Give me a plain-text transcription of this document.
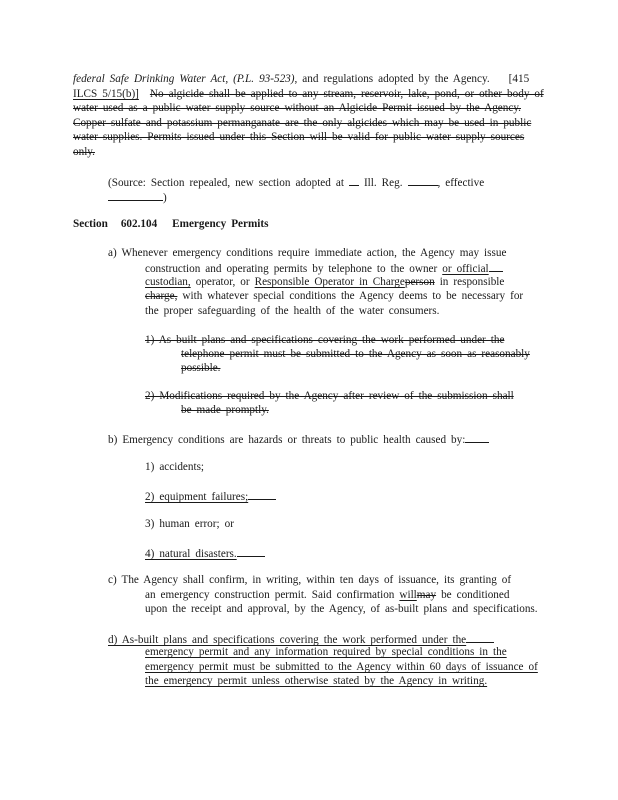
federal Safe Drinking Water Act, (P.L. 93-523), and regulations adopted by the Agency. [415
ILCS 5/15(b)] No algicide shall be applied to any stream, reservoir, lake, pond, or other body of
water used as a public water supply source without an Algicide Permit issued by the Agency.
Copper sulfate and potassium permanganate are the only algicides which may be used in public
water supplies. Permits issued under this Section will be valid for public water supply sources
only.
(Source: Section repealed, new section adopted at Ill. Reg.	, effective
)
Section 602.104 Emergency Permits
a) Whenever emergency conditions require immediate action, the Agency may issue
construction and operating permits by telephone to the owner or official
custodian, operator, or Responsible Operator in Chargeperson in responsible
charge, with whatever special conditions the Agency deems to be necessary for
the proper safeguarding of the health of the water consumers.
1) As built plans and specifications covering the work performed under the
telephone permit must be submitted to the Agency as soon as reasonably
possible.
2) Modifications required by the Agency after review of the submission shall
be made promptly.
b) Emergency conditions are hazards or threats to public health caused by:
1) accidents;
2) equipment failures;
3) human error; or
4) natural disasters.
c) The Agency shall confirm, in writing, within ten days of issuance, its granting of
an emergency construction permit. Said confirmation willmay be conditioned
upon the receipt and approval, by the Agency, of as-built plans and specifications.
d) As-built plans and specifications covering the work performed under the
emergency permit and any information required by special conditions in the
emergency permit must be submitted to the Agency within 60 days of issuance of
the emergency permit unless otherwise stated by the Agency in writing.
